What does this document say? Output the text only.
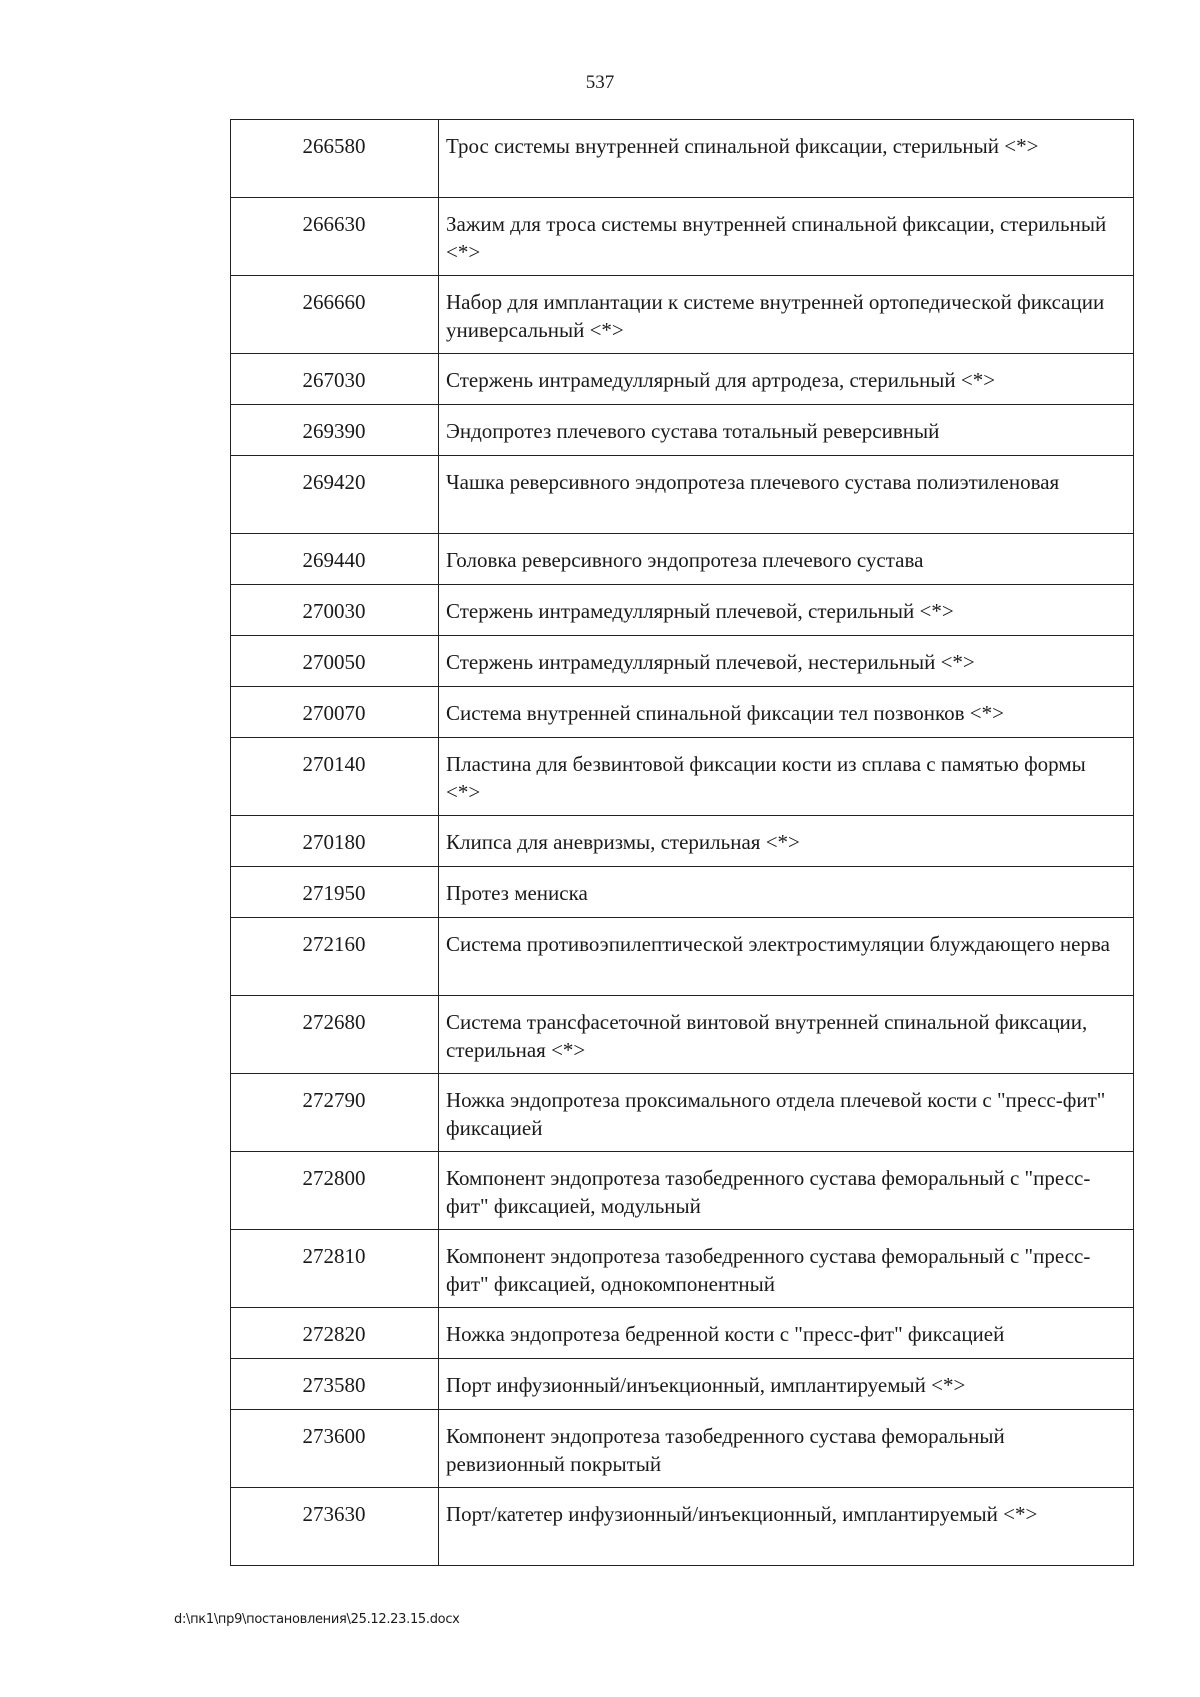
537
266580	Трос системы внутренней спинальной фиксации, стерильный <*>
266630	Зажим для троса системы внутренней спинальной фиксации, стерильный <*>
266660	Набор для имплантации к системе внутренней ортопедической фиксации универсальный <*>
267030	Стержень интрамедуллярный для артродеза, стерильный <*>
269390	Эндопротез плечевого сустава тотальный реверсивный
269420	Чашка реверсивного эндопротеза плечевого сустава полиэтиленовая
269440	Головка реверсивного эндопротеза плечевого сустава
270030	Стержень интрамедуллярный плечевой, стерильный <*>
270050	Стержень интрамедуллярный плечевой, нестерильный <*>
270070	Система внутренней спинальной фиксации тел позвонков <*>
270140	Пластина для безвинтовой фиксации кости из сплава с памятью формы <*>
270180	Клипса для аневризмы, стерильная <*>
271950	Протез мениска
272160	Система противоэпилептической электростимуляции блуждающего нерва
272680	Система трансфасеточной винтовой внутренней спинальной фиксации, стерильная <*>
272790	Ножка эндопротеза проксимального отдела плечевой кости с "пресс-фит" фиксацией
272800	Компонент эндопротеза тазобедренного сустава феморальный с "пресс-фит" фиксацией, модульный
272810	Компонент эндопротеза тазобедренного сустава феморальный с "пресс-фит" фиксацией, однокомпонентный
272820	Ножка эндопротеза бедренной кости с "пресс-фит" фиксацией
273580	Порт инфузионный/инъекционный, имплантируемый <*>
273600	Компонент эндопротеза тазобедренного сустава феморальный ревизионный покрытый
273630	Порт/катетер инфузионный/инъекционный, имплантируемый <*>
d:\пк1\пр9\постановления\25.12.23.15.docx
